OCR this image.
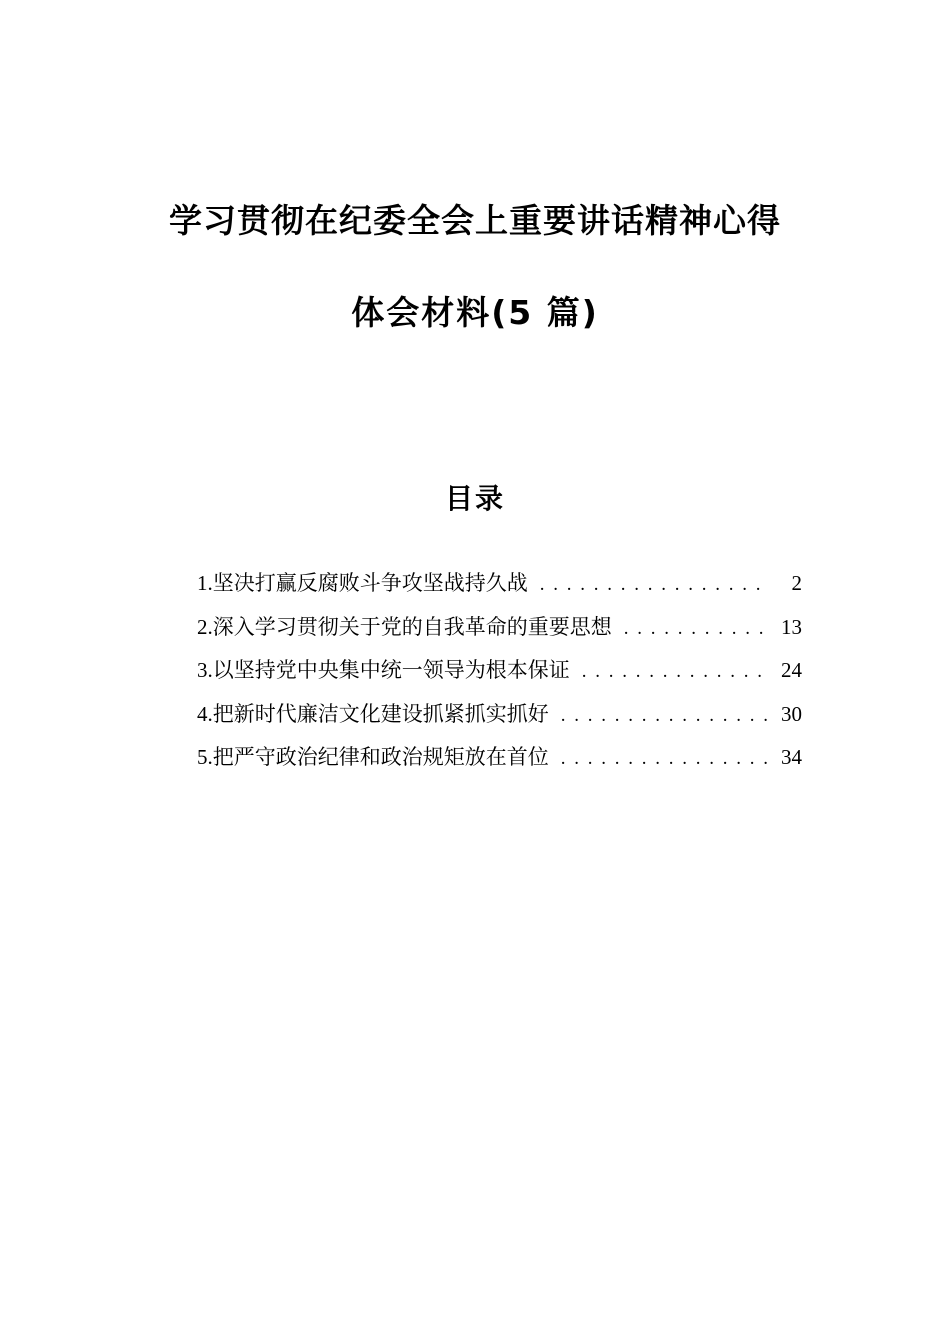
学习贯彻在纪委全会上重要讲话精神心得
体会材料(5 篇)
目录
1. 坚决打赢反腐败斗争攻坚战持久战 . . .	2
2. 深入学习贯彻关于党的自我革命的重要思想 . . .	13
3. 以坚持党中央集中统一领导为根本保证 . . .	24
4. 把新时代廉洁文化建设抓紧抓实抓好 . . .	30
5. 把严守政治纪律和政治规矩放在首位 . . .	34
